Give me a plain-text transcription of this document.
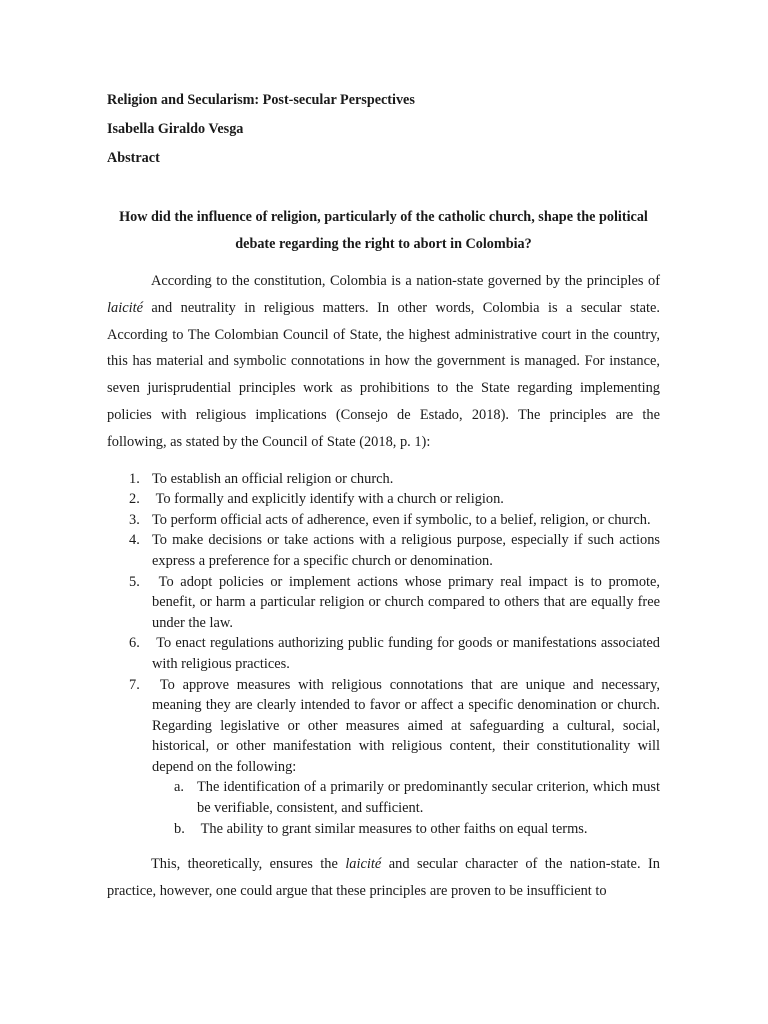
Religion and Secularism: Post-secular Perspectives

Isabella Giraldo Vesga

Abstract

How did the influence of religion, particularly of the catholic church, shape the political debate regarding the right to abort in Colombia?

According to the constitution, Colombia is a nation-state governed by the principles of laicité and neutrality in religious matters. In other words, Colombia is a secular state. According to The Colombian Council of State, the highest administrative court in the country, this has material and symbolic connotations in how the government is managed. For instance, seven jurisprudential principles work as prohibitions to the State regarding implementing policies with religious implications (Consejo de Estado, 2018). The principles are the following, as stated by the Council of State (2018, p. 1):

1. To establish an official religion or church.
2. To formally and explicitly identify with a church or religion.
3. To perform official acts of adherence, even if symbolic, to a belief, religion, or church.
4. To make decisions or take actions with a religious purpose, especially if such actions express a preference for a specific church or denomination.
5. To adopt policies or implement actions whose primary real impact is to promote, benefit, or harm a particular religion or church compared to others that are equally free under the law.
6. To enact regulations authorizing public funding for goods or manifestations associated with religious practices.
7. To approve measures with religious connotations that are unique and necessary, meaning they are clearly intended to favor or affect a specific denomination or church. Regarding legislative or other measures aimed at safeguarding a cultural, social, historical, or other manifestation with religious content, their constitutionality will depend on the following:
a. The identification of a primarily or predominantly secular criterion, which must be verifiable, consistent, and sufficient.
b. The ability to grant similar measures to other faiths on equal terms.

This, theoretically, ensures the laicité and secular character of the nation-state. In practice, however, one could argue that these principles are proven to be insufficient to
